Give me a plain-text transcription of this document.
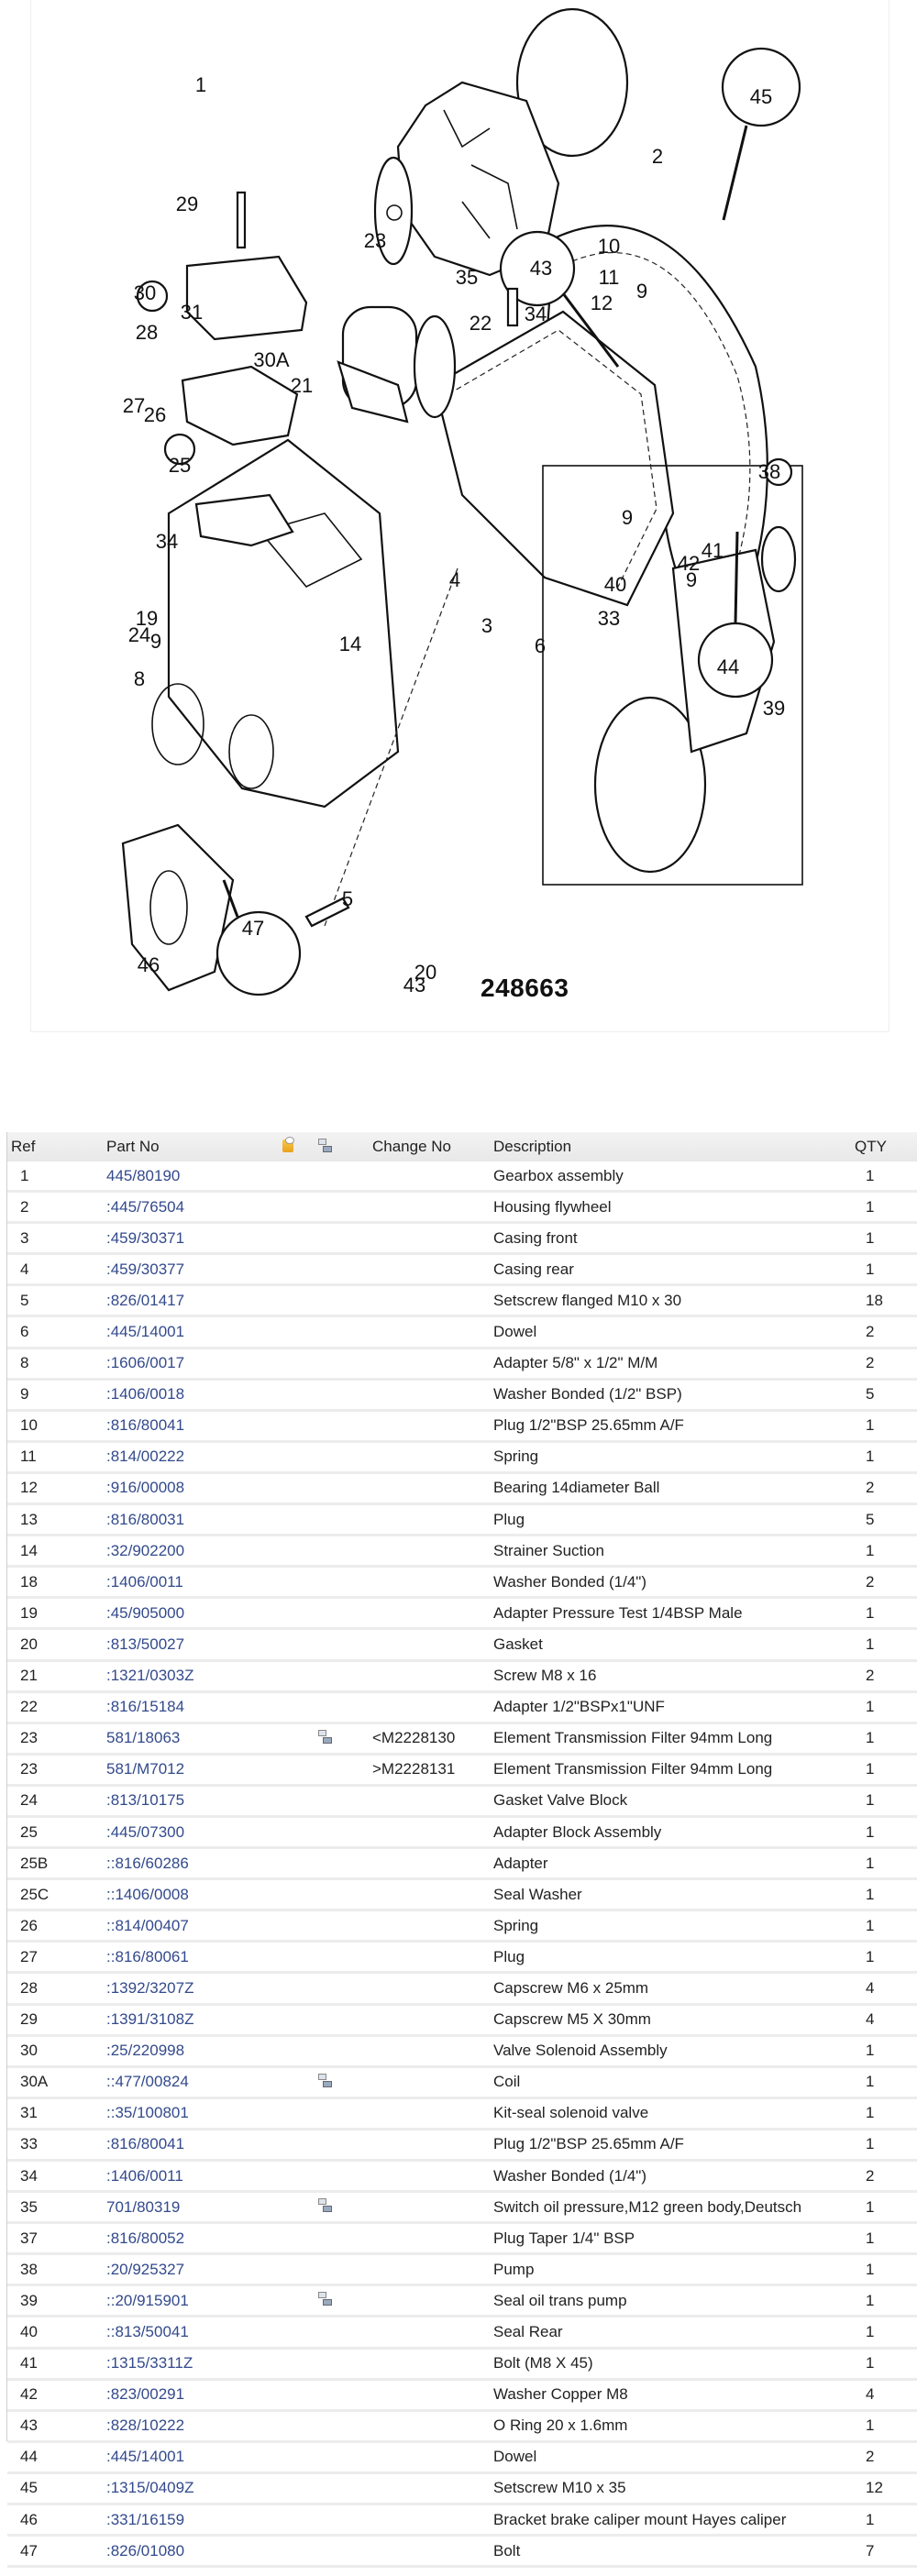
1
2
3
4
5
6
8
9
9
9
9
10
11
12
14
19
20
21
22
23
24
25
26
27
28
29
30
30A
31
33
34
34
35
38
39
40
41
42
43
43
44
45
46
47
248663
Ref	Part No			Change No	Description	QTY
1	445/80190				Gearbox assembly	1
2	:445/76504				Housing flywheel	1
3	:459/30371				Casing front	1
4	:459/30377				Casing rear	1
5	:826/01417				Setscrew flanged M10 x 30	18
6	:445/14001				Dowel	2
8	:1606/0017				Adapter 5/8" x 1/2" M/M	2
9	:1406/0018				Washer Bonded (1/2" BSP)	5
10	:816/80041				Plug 1/2"BSP 25.65mm A/F	1
11	:814/00222				Spring	1
12	:916/00008				Bearing 14diameter Ball	2
13	:816/80031				Plug	5
14	:32/902200				Strainer Suction	1
18	:1406/0011				Washer Bonded (1/4")	2
19	:45/905000				Adapter Pressure Test 1/4BSP Male	1
20	:813/50027				Gasket	1
21	:1321/0303Z				Screw M8 x 16	2
22	:816/15184				Adapter 1/2"BSPx1"UNF	1
23	581/18063			<M2228130	Element Transmission Filter 94mm Long	1
23	581/M7012			>M2228131	Element Transmission Filter 94mm Long	1
24	:813/10175				Gasket Valve Block	1
25	:445/07300				Adapter Block Assembly	1
25B	::816/60286				Adapter	1
25C	::1406/0008				Seal Washer	1
26	::814/00407				Spring	1
27	::816/80061				Plug	1
28	:1392/3207Z				Capscrew M6 x 25mm	4
29	:1391/3108Z				Capscrew M5 X 30mm	4
30	:25/220998				Valve Solenoid Assembly	1
30A	::477/00824				Coil	1
31	::35/100801				Kit-seal solenoid valve	1
33	:816/80041				Plug 1/2"BSP 25.65mm A/F	1
34	:1406/0011				Washer Bonded (1/4")	2
35	701/80319				Switch oil pressure,M12 green body,Deutsch	1
37	:816/80052				Plug Taper 1/4" BSP	1
38	:20/925327				Pump	1
39	::20/915901				Seal oil trans pump	1
40	::813/50041				Seal Rear	1
41	:1315/3311Z				Bolt (M8 X 45)	1
42	:823/00291				Washer Copper M8	4
43	:828/10222				O Ring 20 x 1.6mm	1
44	:445/14001				Dowel	2
45	:1315/0409Z				Setscrew M10 x 35	12
46	:331/16159				Bracket brake caliper mount Hayes caliper	1
47	:826/01080				Bolt	7
